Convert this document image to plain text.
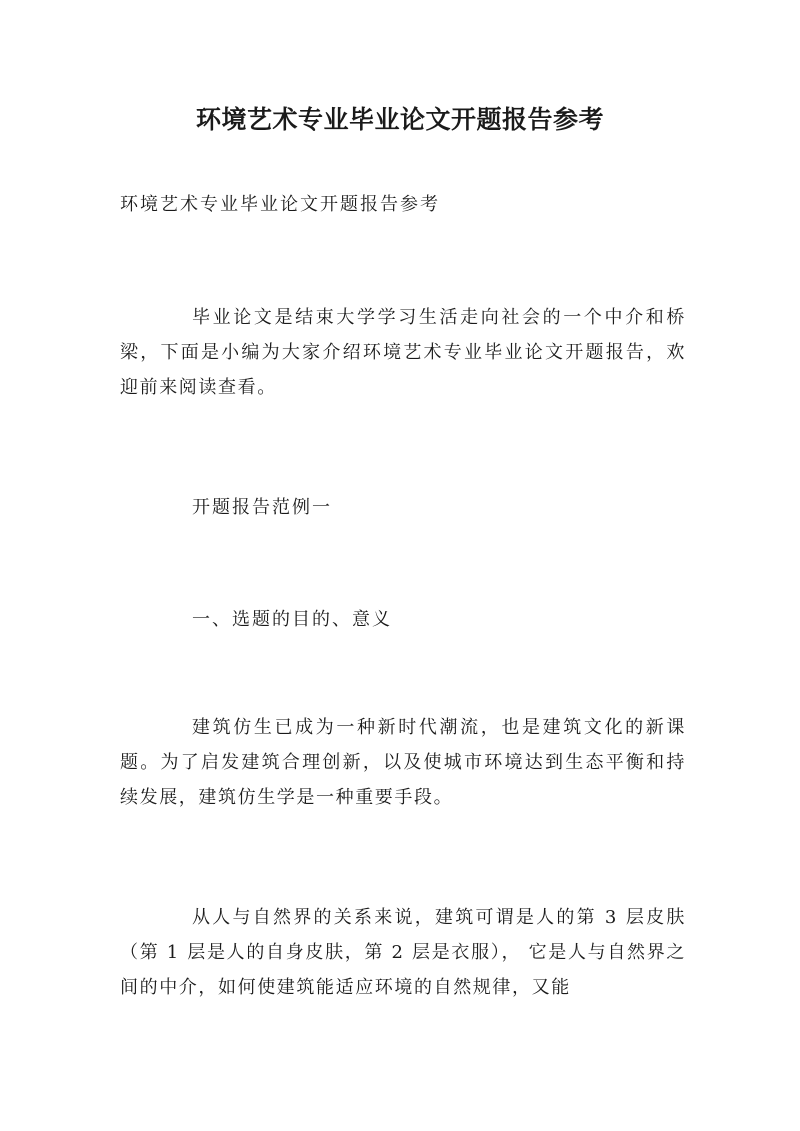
环境艺术专业毕业论文开题报告参考

环境艺术专业毕业论文开题报告参考

毕业论文是结束大学学习生活走向社会的一个中介和桥梁，下面是小编为大家介绍环境艺术专业毕业论文开题报告，欢迎前来阅读查看。

开题报告范例一

一、选题的目的、意义

建筑仿生已成为一种新时代潮流，也是建筑文化的新课题。为了启发建筑合理创新，以及使城市环境达到生态平衡和持续发展，建筑仿生学是一种重要手段。

从人与自然界的关系来说，建筑可谓是人的第 3 层皮肤（第 1 层是人的自身皮肤，第 2 层是衣服）， 它是人与自然界之间的中介，如何使建筑能适应环境的自然规律，又能
